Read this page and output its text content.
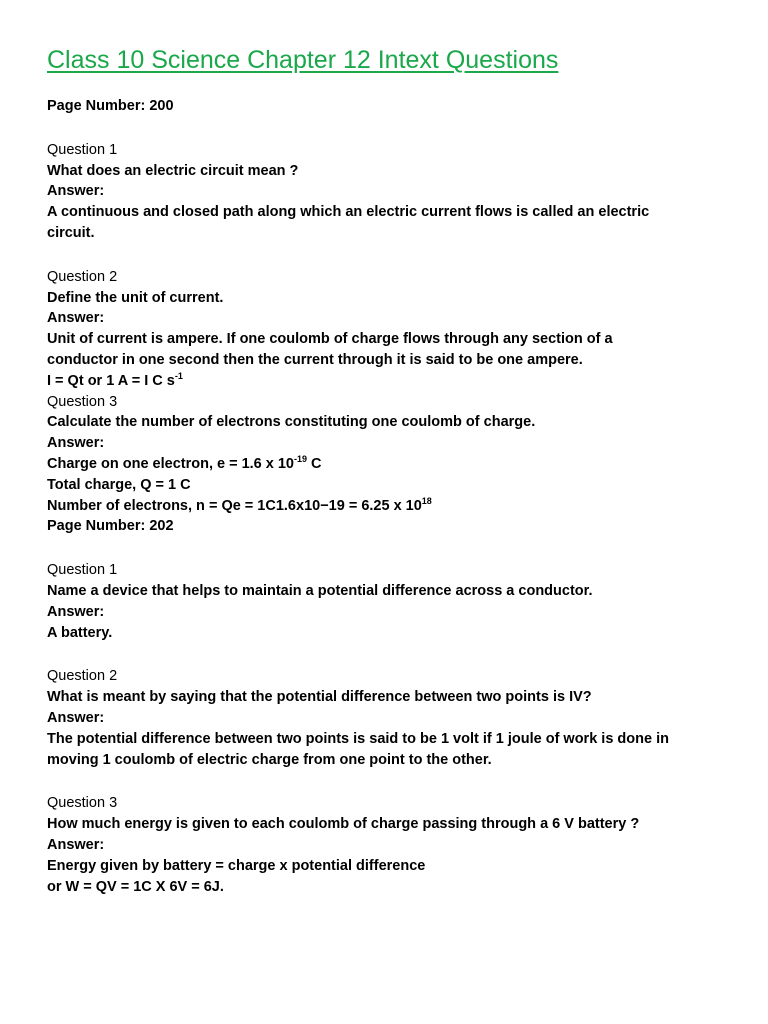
Class 10 Science Chapter 12 Intext Questions
Page Number: 200
Question 1
What does an electric circuit mean ?
Answer:
A continuous and closed path along which an electric current flows is called an electric
circuit.
Question 2
Define the unit of current.
Answer:
Unit of current is ampere. If one coulomb of charge flows through any section of a
conductor in one second then the current through it is said to be one ampere.
I = Qt or 1 A = I C $s^{-1}$
Question 3
Calculate the number of electrons constituting one coulomb of charge.
Answer:
Charge on one electron, e = 1.6 x $10^{-19}$ C
Total charge, Q = 1 C
Number of electrons, n = Qe = 1C1.6x10−19 = 6.25 x $10^{18}$
Page Number: 202
Question 1
Name a device that helps to maintain a potential difference across a conductor.
Answer:
A battery.
Question 2
What is meant by saying that the potential difference between two points is IV?
Answer:
The potential difference between two points is said to be 1 volt if 1 joule of work is done in
moving 1 coulomb of electric charge from one point to the other.
Question 3
How much energy is given to each coulomb of charge passing through a 6 V battery ?
Answer:
Energy given by battery = charge x potential difference
or W = QV = 1C X 6V = 6J.
